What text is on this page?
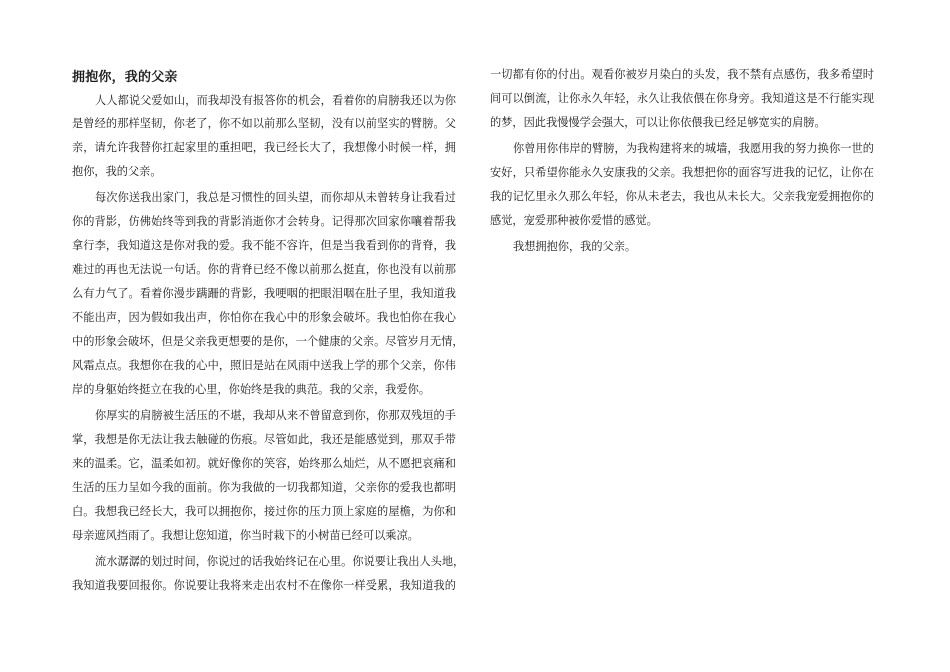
拥抱你，我的父亲
人人都说父爱如山，而我却没有报答你的机会，看着你的肩膀我还以为你
是曾经的那样坚韧，你老了，你不如以前那么坚韧，没有以前坚实的臂膀。父
亲，请允许我替你扛起家里的重担吧，我已经长大了，我想像小时候一样，拥
抱你，我的父亲。
每次你送我出家门，我总是习惯性的回头望，而你却从未曾转身让我看过
你的背影，仿佛始终等到我的背影消逝你才会转身。记得那次回家你嚷着帮我
拿行李，我知道这是你对我的爱。我不能不容许，但是当我看到你的背脊，我
难过的再也无法说一句话。你的背脊已经不像以前那么挺直，你也没有以前那
么有力气了。看着你漫步蹒跚的背影，我哽咽的把眼泪咽在肚子里，我知道我
不能出声，因为假如我出声，你怕你在我心中的形象会破坏。我也怕你在我心
中的形象会破坏，但是父亲我更想要的是你，一个健康的父亲。尽管岁月无情，
风霜点点。我想你在我的心中，照旧是站在风雨中送我上学的那个父亲，你伟
岸的身躯始终挺立在我的心里，你始终是我的典范。我的父亲，我爱你。
你厚实的肩膀被生活压的不堪，我却从来不曾留意到你，你那双残垣的手
掌，我想是你无法让我去触碰的伤痕。尽管如此，我还是能感觉到，那双手带
来的温柔。它，温柔如初。就好像你的笑容，始终那么灿烂，从不愿把哀痛和
生活的压力呈如今我的面前。你为我做的一切我都知道，父亲你的爱我也都明
白。我想我已经长大，我可以拥抱你，接过你的压力顶上家庭的屋檐，为你和
母亲遮风挡雨了。我想让您知道，你当时栽下的小树苗已经可以乘凉。
流水潺潺的划过时间，你说过的话我始终记在心里。你说要让我出人头地，
我知道我要回报你。你说要让我将来走出农村不在像你一样受累，我知道我的
一切都有你的付出。观看你被岁月染白的头发，我不禁有点感伤，我多希望时
间可以倒流，让你永久年轻，永久让我依偎在你身旁。我知道这是不行能实现
的梦，因此我慢慢学会强大，可以让你依偎我已经足够宽实的肩膀。
你曾用你伟岸的臂膀，为我构建将来的城墙，我愿用我的努力换你一世的
安好，只希望你能永久安康我的父亲。我想把你的面容写进我的记忆，让你在
我的记忆里永久那么年轻，你从未老去，我也从未长大。父亲我宠爱拥抱你的
感觉，宠爱那种被你爱惜的感觉。
我想拥抱你，我的父亲。
